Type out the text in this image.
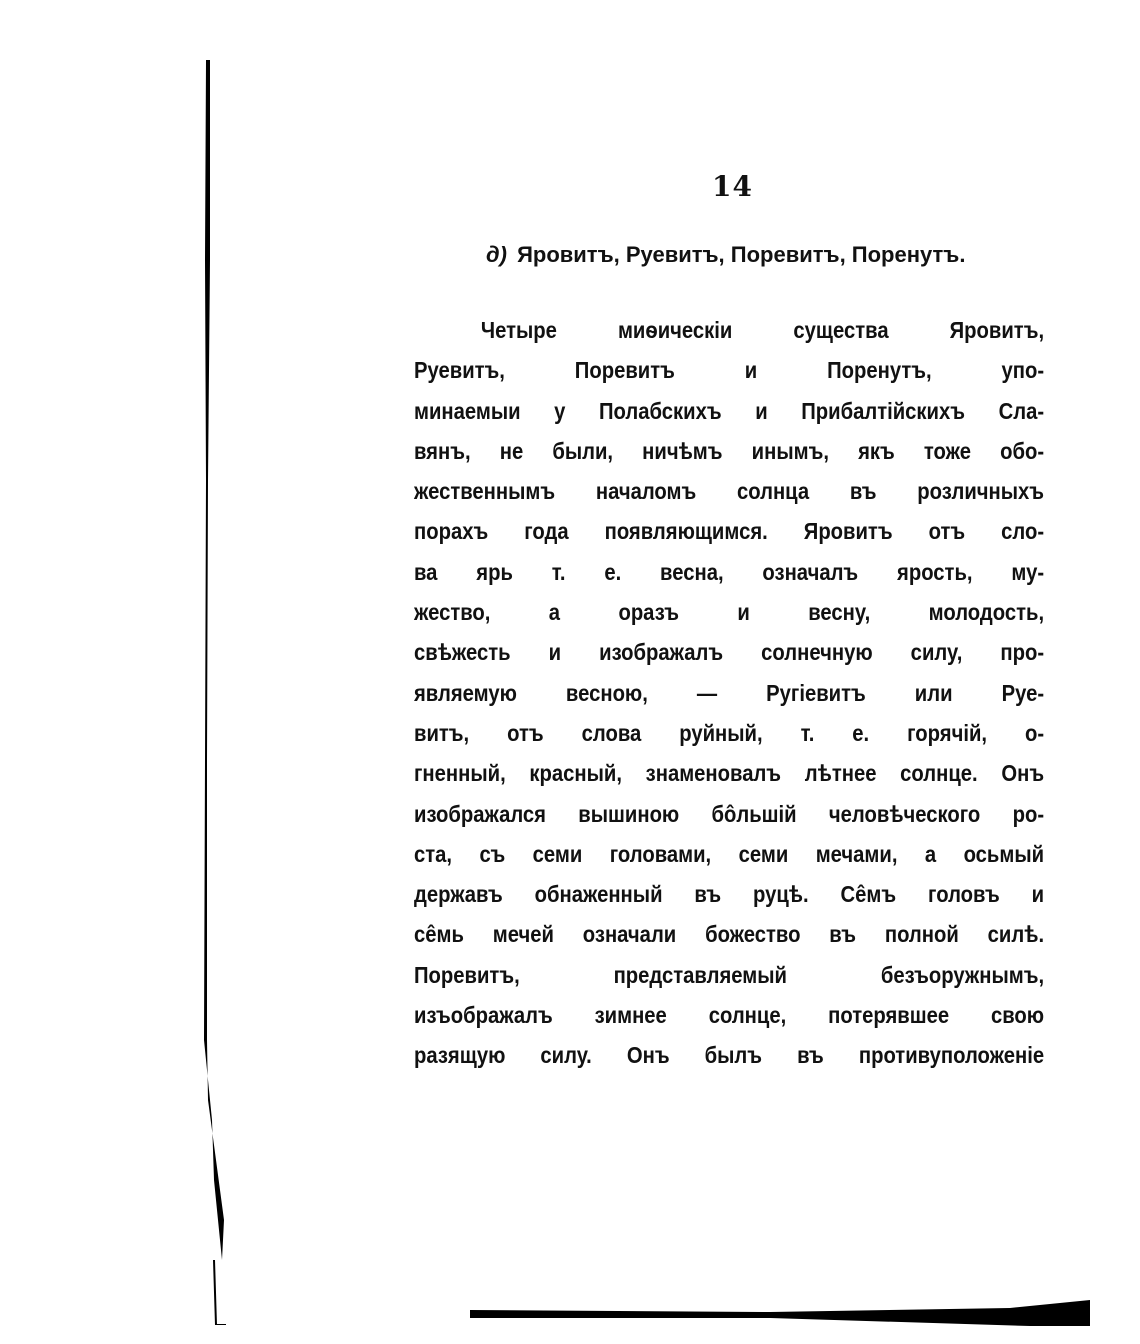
14
д) Яровитъ, Руевитъ, Поревитъ, Поренутъ.
Четыре миѳическiи существа Яровитъ,
Руевитъ, Поревитъ и Поренутъ, упо-
минаемыи у Полабскихъ и Прибалтiйскихъ Сла-
вянъ, не были, ничѣмъ инымъ, якъ тоже обо-
жественнымъ началомъ солнца въ розличныхъ
порахъ года появляющимся. Яровитъ отъ сло-
ва ярь т. е. весна, означалъ ярость, му-
жество, а оразъ и весну, молодость,
свѣжесть и изображалъ солнечную силу, про-
являемую весною, — Ругiевитъ или Руе-
витъ, отъ слова руйный, т. е. горячiй, о-
гненный, красный, знаменовалъ лѣтнее солнце. Онъ
изображался вышиною бôльшiй человѣческого ро-
ста, съ семи головами, семи мечами, а осьмый
державъ обнаженный въ руцѣ. Сêмъ головъ и
сêмь мечей означали божество въ полной силѣ.
Поревитъ, представляемый безъоружнымъ,
изъображалъ зимнее солнце, потерявшее свою
разящую силу. Онъ былъ въ противуположенiе
